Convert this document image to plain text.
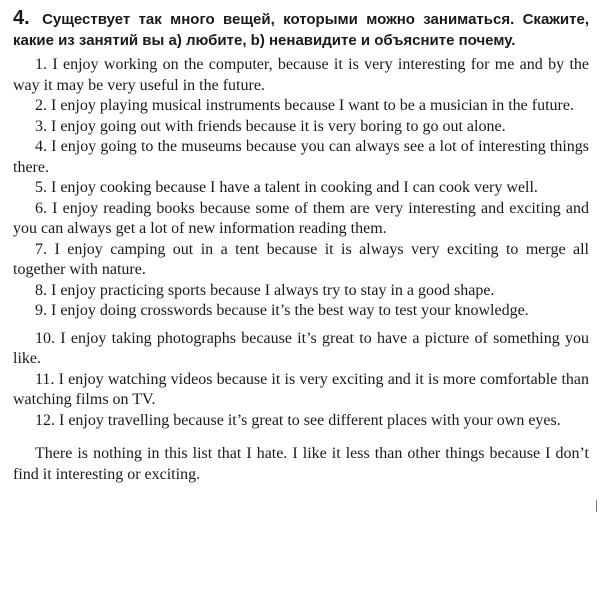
4. Существует так много вещей, которыми можно заниматься. Скажите, какие из занятий вы а) любите, b) ненавидите и объясните почему.

1. I enjoy working on the computer, because it is very interesting for me and by the way it may be very useful in the future.
2. I enjoy playing musical instruments because I want to be a musician in the future.
3. I enjoy going out with friends because it is very boring to go out alone.
4. I enjoy going to the museums because you can always see a lot of interesting things there.
5. I enjoy cooking because I have a talent in cooking and I can cook very well.
6. I enjoy reading books because some of them are very interesting and exciting and you can always get a lot of new information reading them.
7. I enjoy camping out in a tent because it is always very exciting to merge all together with nature.
8. I enjoy practicing sports because I always try to stay in a good shape.
9. I enjoy doing crosswords because it’s the best way to test your knowledge.
10. I enjoy taking photographs because it’s great to have a picture of something you like.
11. I enjoy watching videos because it is very exciting and it is more comfortable than watching films on TV.
12. I enjoy travelling because it’s great to see different places with your own eyes.

There is nothing in this list that I hate. I like it less than other things because I don’t find it interesting or exciting.
